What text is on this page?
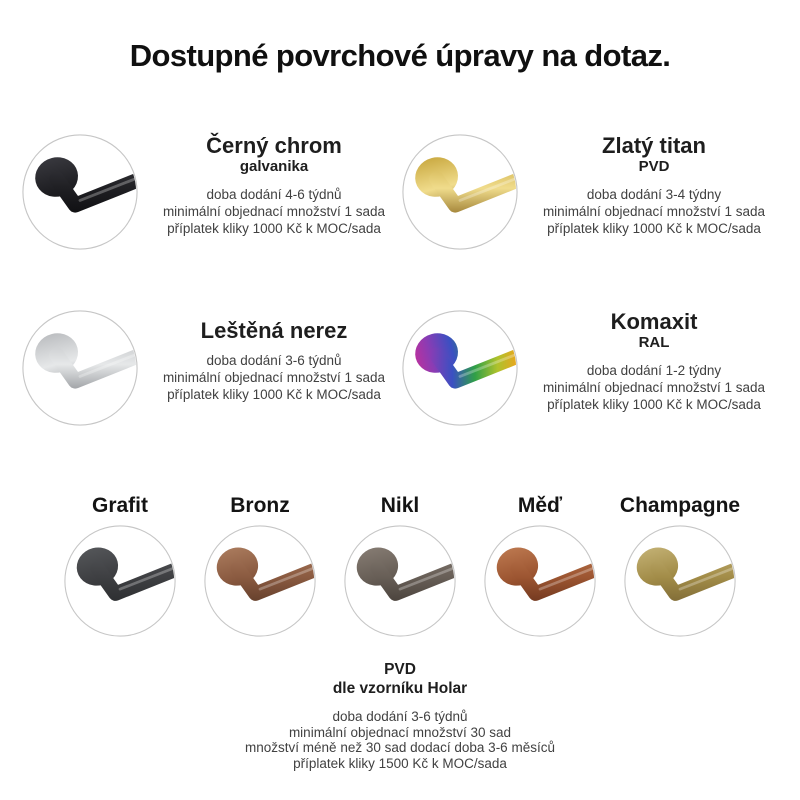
Dostupné povrchové úpravy na dotaz.
Černý chrom
galvanika

doba dodání 4-6 týdnů

minimální objednací množství 1 sada

příplatek kliky 1000 Kč k MOC/sada

Zlatý titan
PVD

doba dodání 3-4 týdny

minimální objednací množství 1 sada

příplatek kliky 1000 Kč k MOC/sada

Leštěná nerez

doba dodání 3-6 týdnů

minimální objednací množství 1 sada

příplatek kliky 1000 Kč k MOC/sada

Komaxit
RAL

doba dodání 1-2 týdny

minimální objednací množství 1 sada

příplatek kliky 1000 Kč k MOC/sada

Grafit	Bronz	Nikl	Měď	Champagne
PVD
dle vzorníku Holar

doba dodání 3-6 týdnů

minimální objednací množství 30 sad

množství méně než 30 sad dodací doba 3-6 měsíců

příplatek kliky 1500 Kč k MOC/sada
